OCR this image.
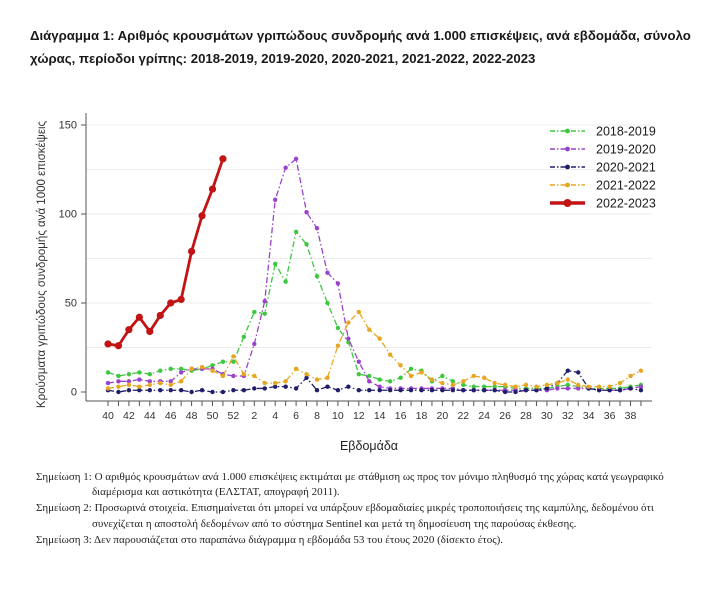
Διάγραμμα 1: Αριθμός κρουσμάτων γριπώδους συνδρομής ανά 1.000 επισκέψεις, ανά εβδομάδα, σύνολο χώρας, περίοδοι γρίπης: 2018-2019, 2019-2020, 2020-2021, 2021-2022, 2022-2023
0
50
100
150
Κρούσματα γριπώδους συνδρομής ανά 1000 επισκέψεις
40 42 44 46 48 50 52 2 4 6 8 10 12 14 16 18 20 22 24 26 28 30 32 34 36 38
Εβδομάδα
2018-2019
2019-2020
2020-2021
2021-2022
2022-2023

Σημείωση 1: Ο αριθμός κρουσμάτων ανά 1.000 επισκέψεις εκτιμάται με στάθμιση ως προς τον μόνιμο πληθυσμό της χώρας κατά γεωγραφικό διαμέρισμα και αστικότητα (ΕΛΣΤΑΤ, απογραφή 2011).

Σημείωση 2: Προσωρινά στοιχεία. Επισημαίνεται ότι μπορεί να υπάρξουν εβδομαδιαίες μικρές τροποποιήσεις της καμπύλης, δεδομένου ότι συνεχίζεται η αποστολή δεδομένων από το σύστημα Sentinel και μετά τη δημοσίευση της παρούσας έκθεσης.

Σημείωση 3: Δεν παρουσιάζεται στο παραπάνω διάγραμμα η εβδομάδα 53 του έτους 2020 (δίσεκτο έτος).
